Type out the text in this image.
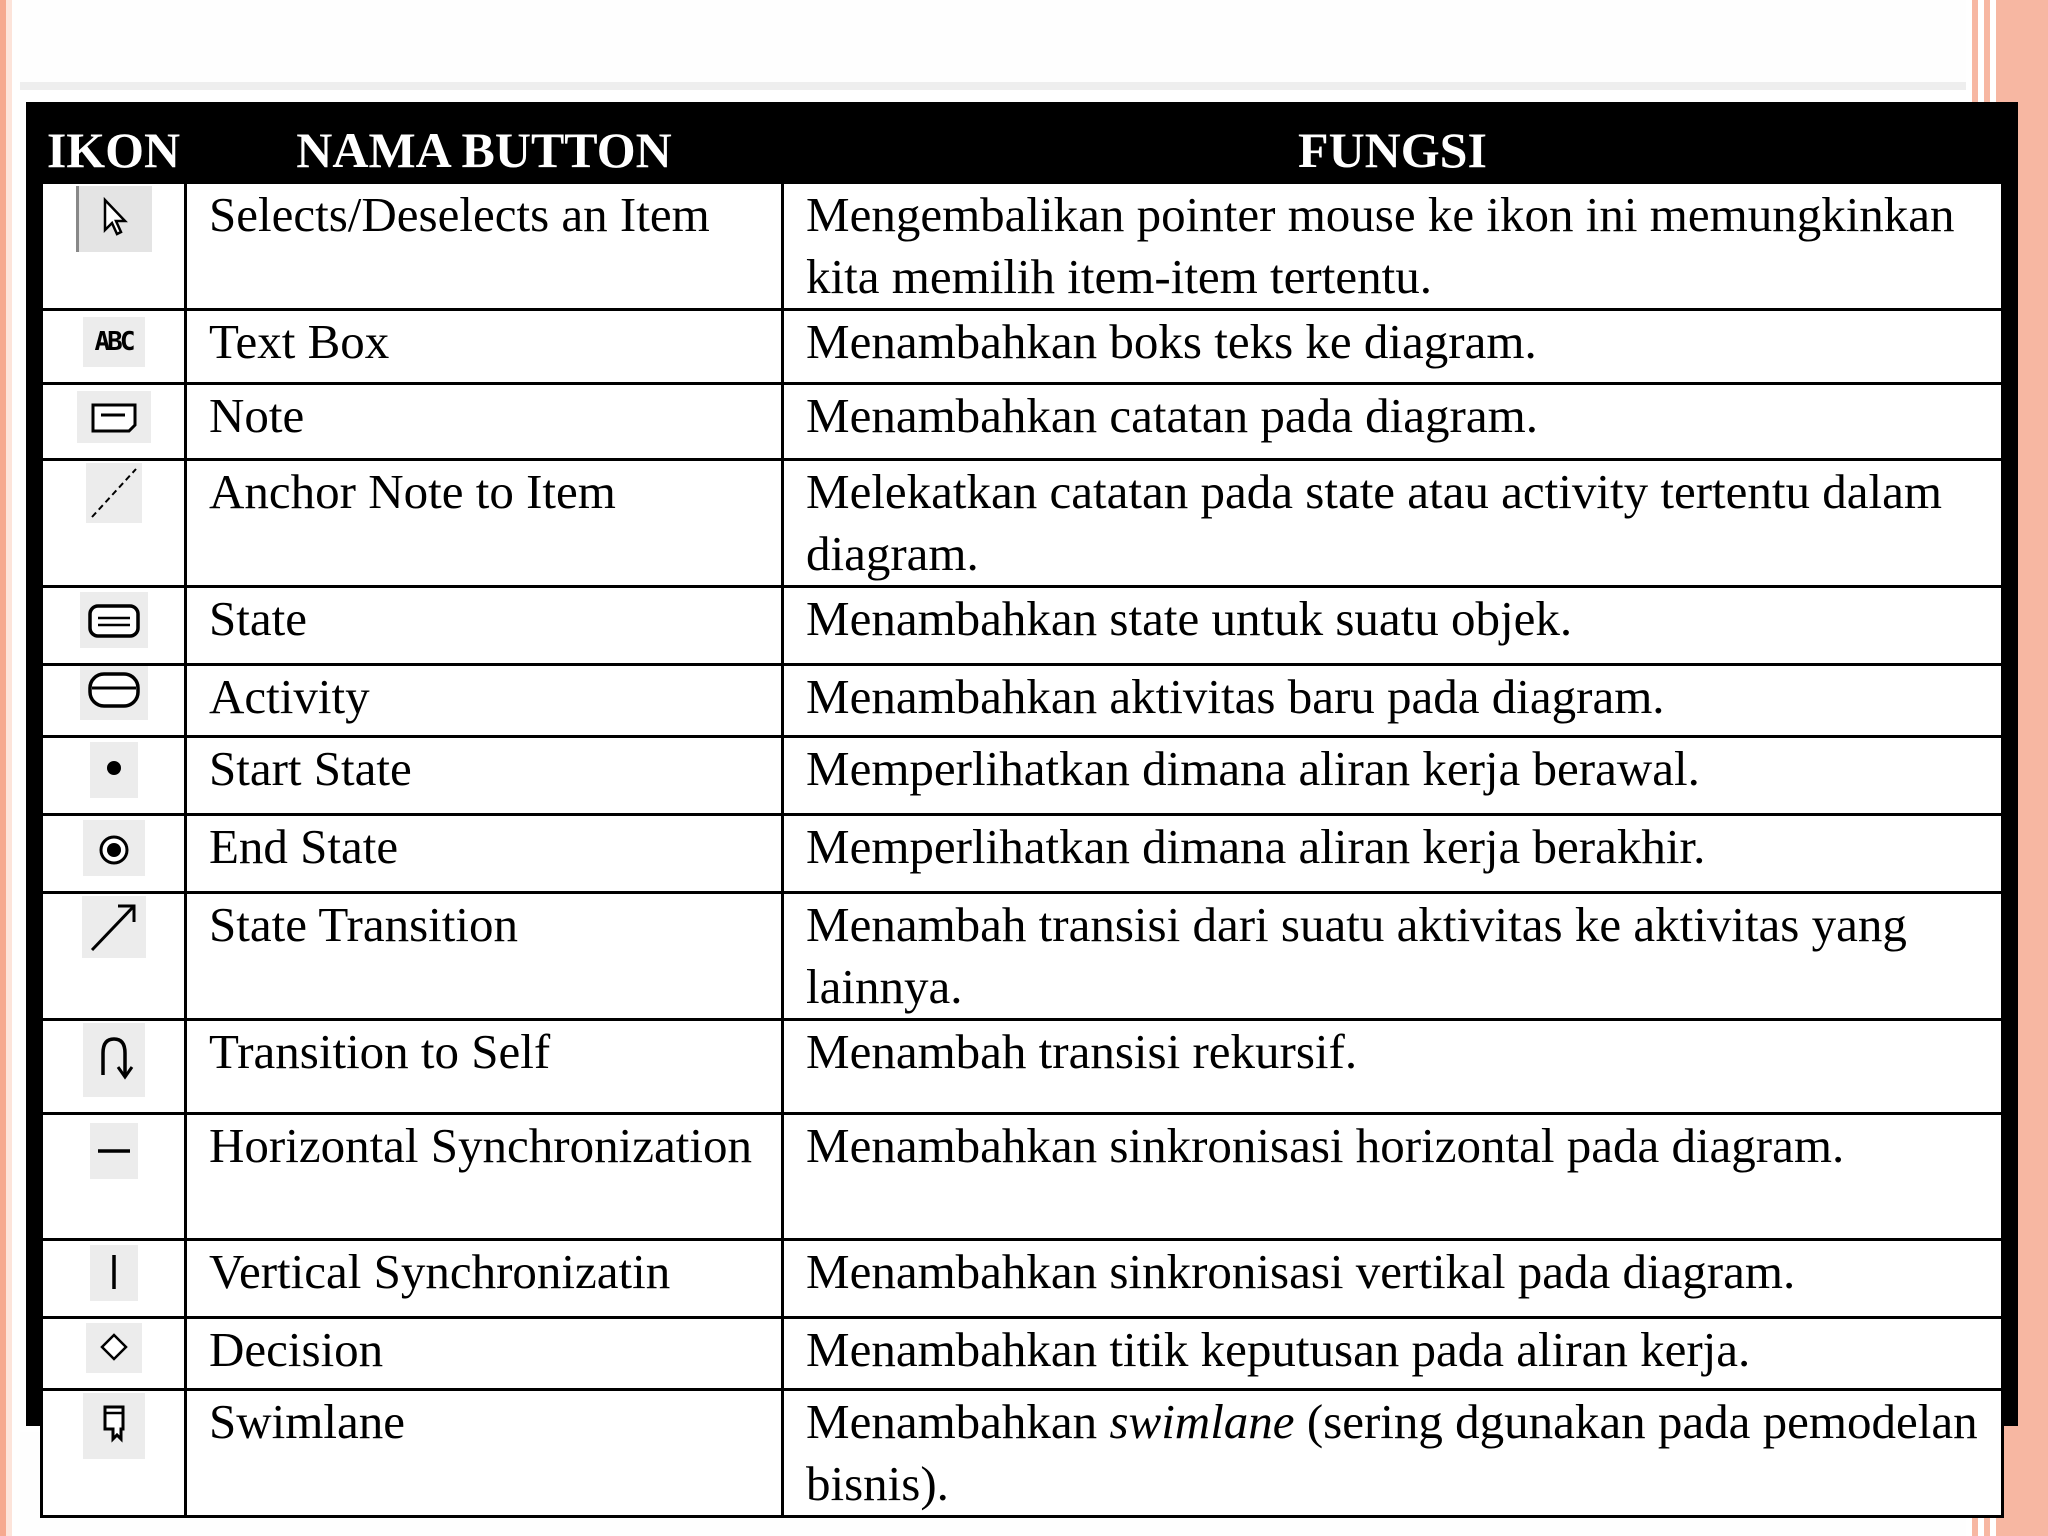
IKON	NAMA BUTTON	FUNGSI

	Selects/Deselects an Item	Mengembalikan pointer mouse ke ikon ini memungkinkan kita memilih item-item tertentu.

ABC	Text Box	Menambahkan boks teks ke diagram.

	Note	Menambahkan catatan pada diagram.

	Anchor Note to Item	Melekatkan catatan pada state atau activity tertentu dalam diagram.

	State	Menambahkan state untuk suatu objek.

	Activity	Menambahkan aktivitas baru pada diagram.

	Start State	Memperlihatkan dimana aliran kerja berawal.

	End State	Memperlihatkan dimana aliran kerja berakhir.

	State Transition	Menambah transisi dari suatu aktivitas ke aktivitas yang lainnya.

	Transition to Self	Menambah transisi rekursif.

	Horizontal Synchronization	Menambahkan sinkronisasi horizontal pada diagram.

	Vertical Synchronizatin	Menambahkan sinkronisasi vertikal pada diagram.

	Decision	Menambahkan titik keputusan pada aliran kerja.

	Swimlane	Menambahkan swimlane (sering dgunakan pada pemodelan bisnis).
